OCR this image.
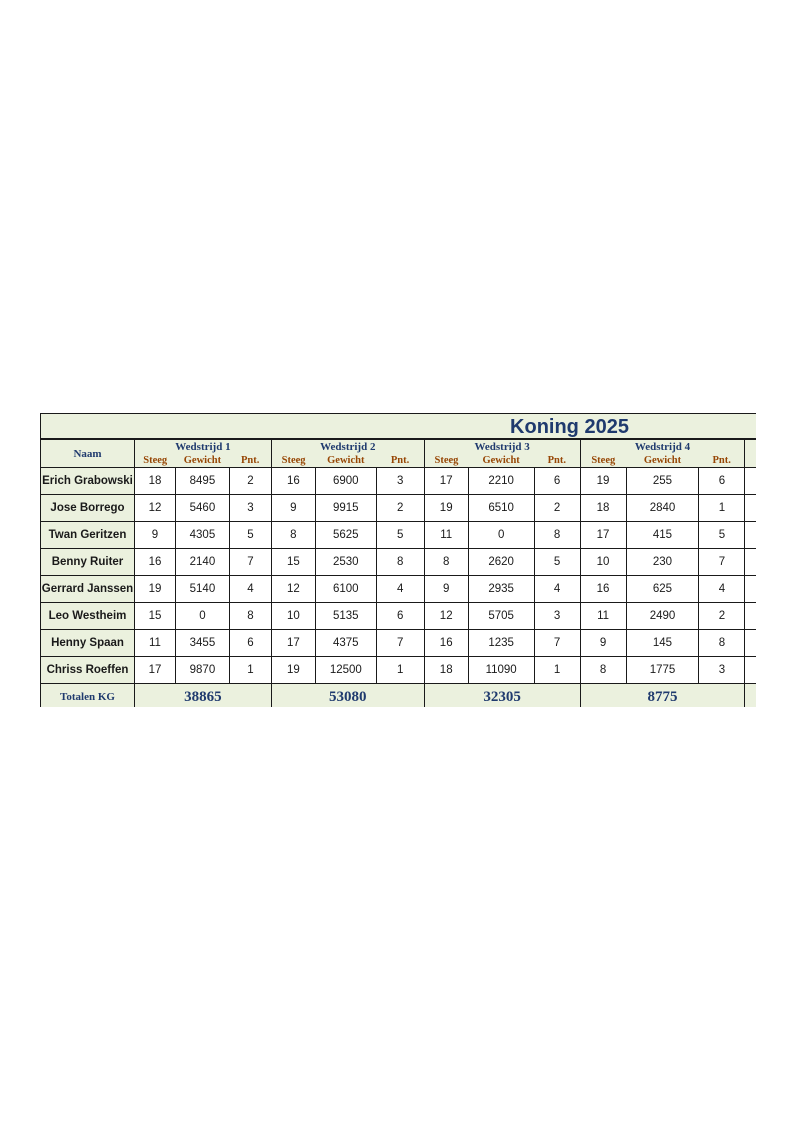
Koning 2025
Naam	Wedstrijd 1			Wedstrijd 2			Wedstrijd 3			Wedstrijd 4			
	Steeg	Gewicht	Pnt.	Steeg	Gewicht	Pnt.	Steeg	Gewicht	Pnt.	Steeg	Gewicht	Pnt.	
Erich Grabowski	18	8495	2	16	6900	3	17	2210	6	19	255	6	
Jose Borrego	12	5460	3	9	9915	2	19	6510	2	18	2840	1	
Twan Geritzen	9	4305	5	8	5625	5	11	0	8	17	415	5	
Benny Ruiter	16	2140	7	15	2530	8	8	2620	5	10	230	7	
Gerrard Janssen	19	5140	4	12	6100	4	9	2935	4	16	625	4	
Leo Westheim	15	0	8	10	5135	6	12	5705	3	11	2490	2	
Henny Spaan	11	3455	6	17	4375	7	16	1235	7	9	145	8	
Chriss Roeffen	17	9870	1	19	12500	1	18	11090	1	8	1775	3	
Totalen KG	38865			53080			32305			8775			
